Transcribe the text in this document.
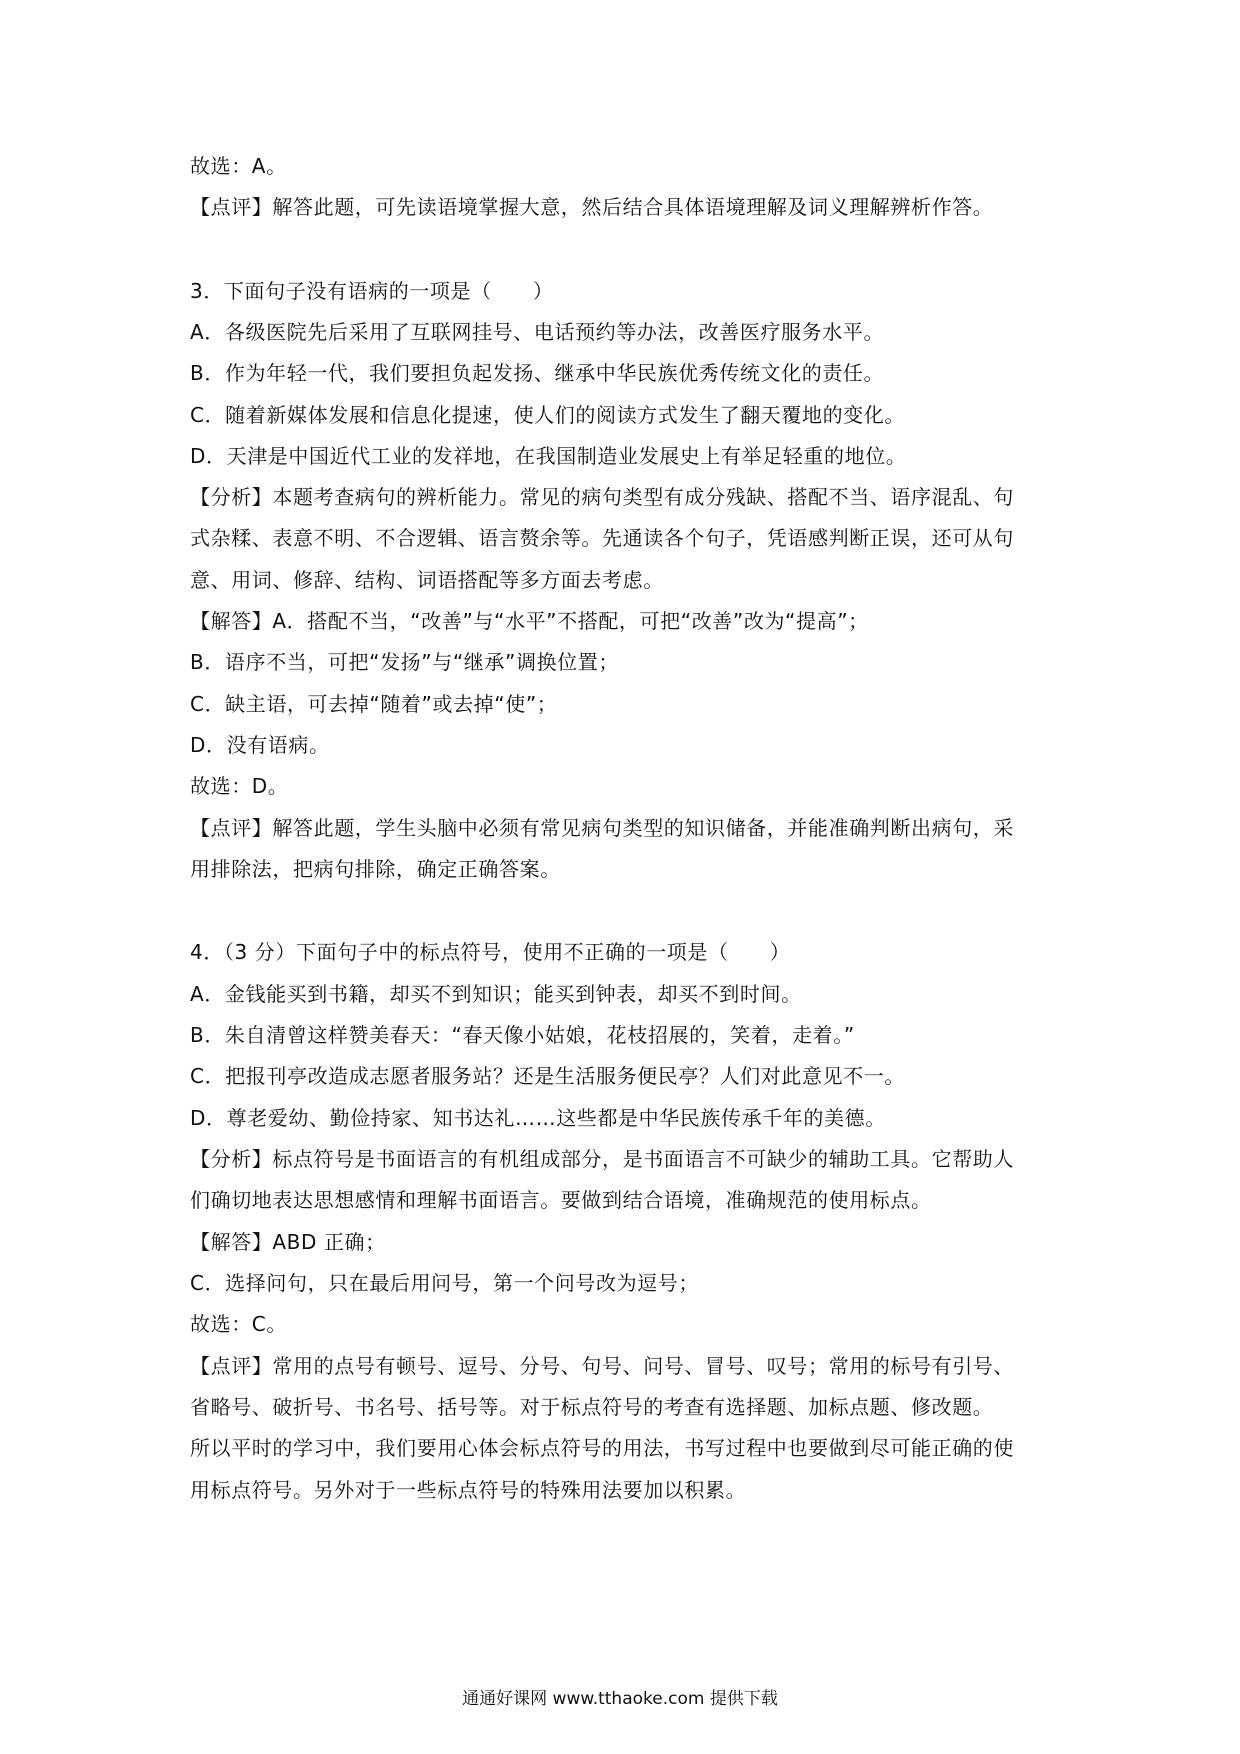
故选：A。
【点评】解答此题，可先读语境掌握大意，然后结合具体语境理解及词义理解辨析作答。
3．下面句子没有语病的一项是（　　）
A．各级医院先后采用了互联网挂号、电话预约等办法，改善医疗服务水平。
B．作为年轻一代，我们要担负起发扬、继承中华民族优秀传统文化的责任。
C．随着新媒体发展和信息化提速，使人们的阅读方式发生了翻天覆地的变化。
D．天津是中国近代工业的发祥地，在我国制造业发展史上有举足轻重的地位。
【分析】本题考查病句的辨析能力。常见的病句类型有成分残缺、搭配不当、语序混乱、句
式杂糅、表意不明、不合逻辑、语言赘余等。先通读各个句子，凭语感判断正误，还可从句
意、用词、修辞、结构、词语搭配等多方面去考虑。
【解答】A．搭配不当，“改善”与“水平”不搭配，可把“改善”改为“提高”；
B．语序不当，可把“发扬”与“继承”调换位置；
C．缺主语，可去掉“随着”或去掉“使”；
D．没有语病。
故选：D。
【点评】解答此题，学生头脑中必须有常见病句类型的知识储备，并能准确判断出病句，采
用排除法，把病句排除，确定正确答案。
4．（3 分）下面句子中的标点符号，使用不正确的一项是（　　）
A．金钱能买到书籍，却买不到知识；能买到钟表，却买不到时间。
B．朱自清曾这样赞美春天：“春天像小姑娘，花枝招展的，笑着，走着。”
C．把报刊亭改造成志愿者服务站？还是生活服务便民亭？人们对此意见不一。
D．尊老爱幼、勤俭持家、知书达礼……这些都是中华民族传承千年的美德。
【分析】标点符号是书面语言的有机组成部分，是书面语言不可缺少的辅助工具。它帮助人
们确切地表达思想感情和理解书面语言。要做到结合语境，准确规范的使用标点。
【解答】ABD 正确；
C．选择问句，只在最后用问号，第一个问号改为逗号；
故选：C。
【点评】常用的点号有顿号、逗号、分号、句号、问号、冒号、叹号；常用的标号有引号、
省略号、破折号、书名号、括号等。对于标点符号的考查有选择题、加标点题、修改题。
所以平时的学习中，我们要用心体会标点符号的用法，书写过程中也要做到尽可能正确的使
用标点符号。另外对于一些标点符号的特殊用法要加以积累。
通通好课网 www.tthaoke.com 提供下载
